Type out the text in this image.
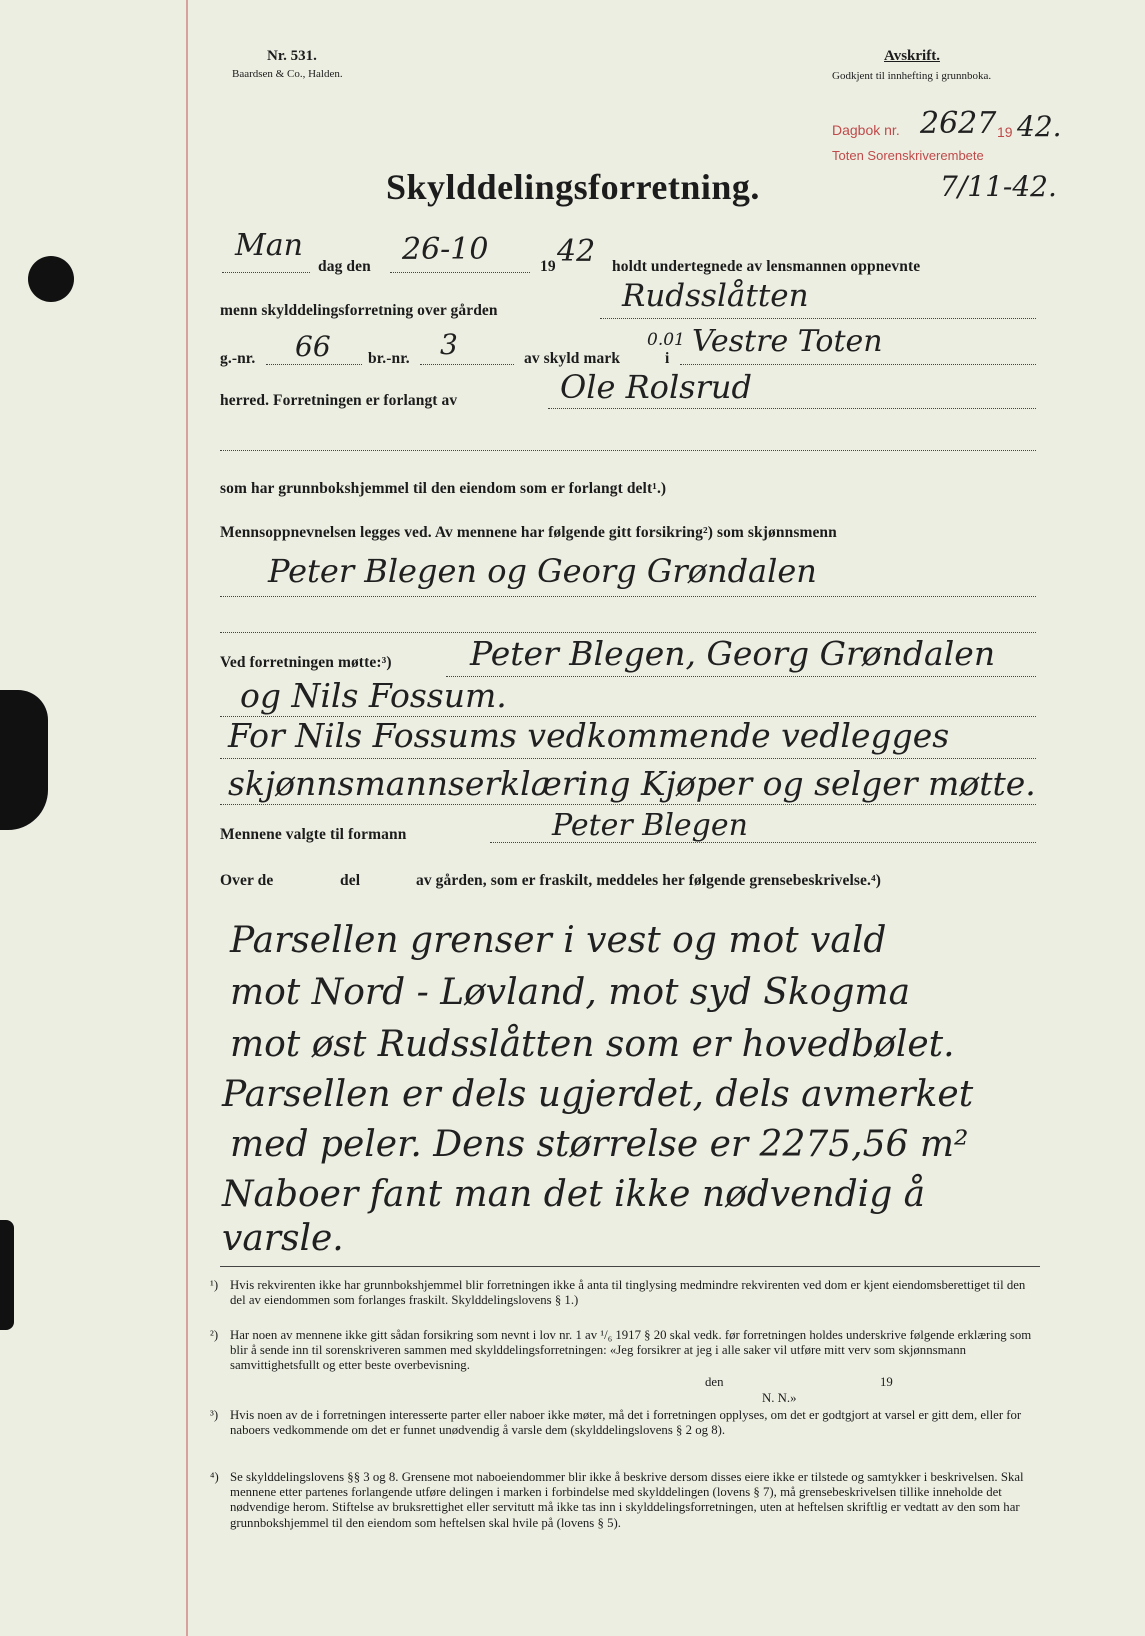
Nr. 531.
Baardsen & Co., Halden.
Avskrift.
Godkjent til innhefting i grunnboka.
Dagbok nr. 2627 19 42.
Toten Sorenskriverembete
7/11-42.
Skylddelingsforretning.
Man
dag den 26-10	19 42 holdt undertegnede av lensmannen oppnevnte
menn skylddelingsforretning over gården	Rudsslåtten
g.-nr. 66 br.-nr. 3	av skyld mark
0.01
i Vestre Toten
herred. Forretningen er forlangt av	Ole Rolsrud
som har grunnbokshjemmel til den eiendom som er forlangt delt¹.)
Mennsoppnevnelsen legges ved. Av mennene har følgende gitt forsikring²) som skjønnsmenn
Peter Blegen og Georg Grøndalen
Ved forretningen møtte:³) Peter Blegen, Georg Grøndalen
og Nils Fossum.
For Nils Fossums vedkommende vedlegges
skjønnsmannserklæring Kjøper og selger møtte.
Mennene valgte til formann	Peter Blegen
Over de	del	av gården, som er fraskilt, meddeles her følgende grensebeskrivelse.⁴)
Parsellen grenser i vest og mot vald
mot Nord - Løvland, mot syd Skogma
mot øst Rudsslåtten som er hovedbølet.
Parsellen er dels ugjerdet, dels avmerket
med peler. Dens størrelse er 2275,56 m²
Naboer fant man det ikke nødvendig å
varsle.
¹) Hvis rekvirenten ikke har grunnbokshjemmel blir forretningen ikke å anta til tinglysing medmindre rekvirenten ved dom er kjent eiendomsberettiget til den del av eiendommen som forlanges fraskilt. Skylddelingslovens § 1.)
²) Har noen av mennene ikke gitt sådan forsikring som nevnt i lov nr. 1 av ¹/₆ 1917 § 20 skal vedk. før forretningen holdes underskrive følgende erklæring som blir å sende inn til sorenskriveren sammen med skylddelingsforretningen: «Jeg forsikrer at jeg i alle saker vil utføre mitt verv som skjønnsmann samvittighetsfullt og etter beste overbevisning.
den	19
N. N.»
³) Hvis noen av de i forretningen interesserte parter eller naboer ikke møter, må det i forretningen opplyses, om det er godtgjort at varsel er gitt dem, eller for naboers vedkommende om det er funnet unødvendig å varsle dem (skylddelingslovens § 2 og 8).
⁴) Se skylddelingslovens §§ 3 og 8. Grensene mot naboeiendommer blir ikke å beskrive dersom disses eiere ikke er tilstede og samtykker i beskrivelsen. Skal mennene etter partenes forlangende utføre delingen i marken i forbindelse med skylddelingen (lovens § 7), må grensebeskrivelsen tillike inneholde det nødvendige herom. Stiftelse av bruksrettighet eller servitutt må ikke tas inn i skylddelingsforretningen, uten at heftelsen skriftlig er vedtatt av den som har grunnbokshjemmel til den eiendom som heftelsen skal hvile på (lovens § 5).
